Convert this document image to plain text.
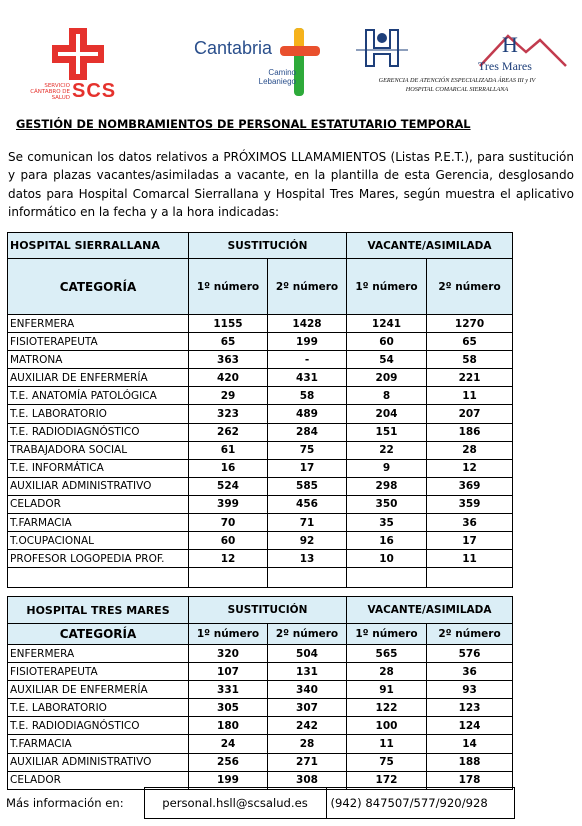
SERVICIO CÁNTABRO DE SALUD SCS
Cantabria
Camino Lebaniego
H
Tres Mares
GERENCIA DE ATENCIÓN ESPECIALIZADA ÁREAS III y IV
HOSPITAL COMARCAL SIERRALLANA
GESTIÓN DE NOMBRAMIENTOS DE PERSONAL ESTATUTARIO TEMPORAL
Se comunican los datos relativos a PRÓXIMOS LLAMAMIENTOS (Listas P.E.T.), para sustitución y para plazas vacantes/asimiladas a vacante, en la plantilla de esta Gerencia, desglosando datos para Hospital Comarcal Sierrallana y Hospital Tres Mares, según muestra el aplicativo informático en la fecha y a la hora indicadas:
HOSPITAL SIERRALLANA	SUSTITUCIÓN		VACANTE/ASIMILADA	
CATEGORÍA	1º número	2º número	1º número	2º número
ENFERMERA	1155	1428	1241	1270
FISIOTERAPEUTA	65	199	60	65
MATRONA	363	-	54	58
AUXILIAR DE ENFERMERÍA	420	431	209	221
T.E. ANATOMÍA PATOLÓGICA	29	58	8	11
T.E. LABORATORIO	323	489	204	207
T.E. RADIODIAGNÓSTICO	262	284	151	186
TRABAJADORA SOCIAL	61	75	22	28
T.E. INFORMÁTICA	16	17	9	12
AUXILIAR ADMINISTRATIVO	524	585	298	369
CELADOR	399	456	350	359
T.FARMACIA	70	71	35	36
T.OCUPACIONAL	60	92	16	17
PROFESOR LOGOPEDIA PROF.	12	13	10	11

HOSPITAL TRES MARES	SUSTITUCIÓN		VACANTE/ASIMILADA	
CATEGORÍA	1º número	2º número	1º número	2º número
ENFERMERA	320	504	565	576
FISIOTERAPEUTA	107	131	28	36
AUXILIAR DE ENFERMERÍA	331	340	91	93
T.E. LABORATORIO	305	307	122	123
T.E. RADIODIAGNÓSTICO	180	242	100	124
T.FARMACIA	24	28	11	14
AUXILIAR ADMINISTRATIVO	256	271	75	188
CELADOR	199	308	172	178
Más información en:	personal.hsll@scsalud.es	(942) 847507/577/920/928
